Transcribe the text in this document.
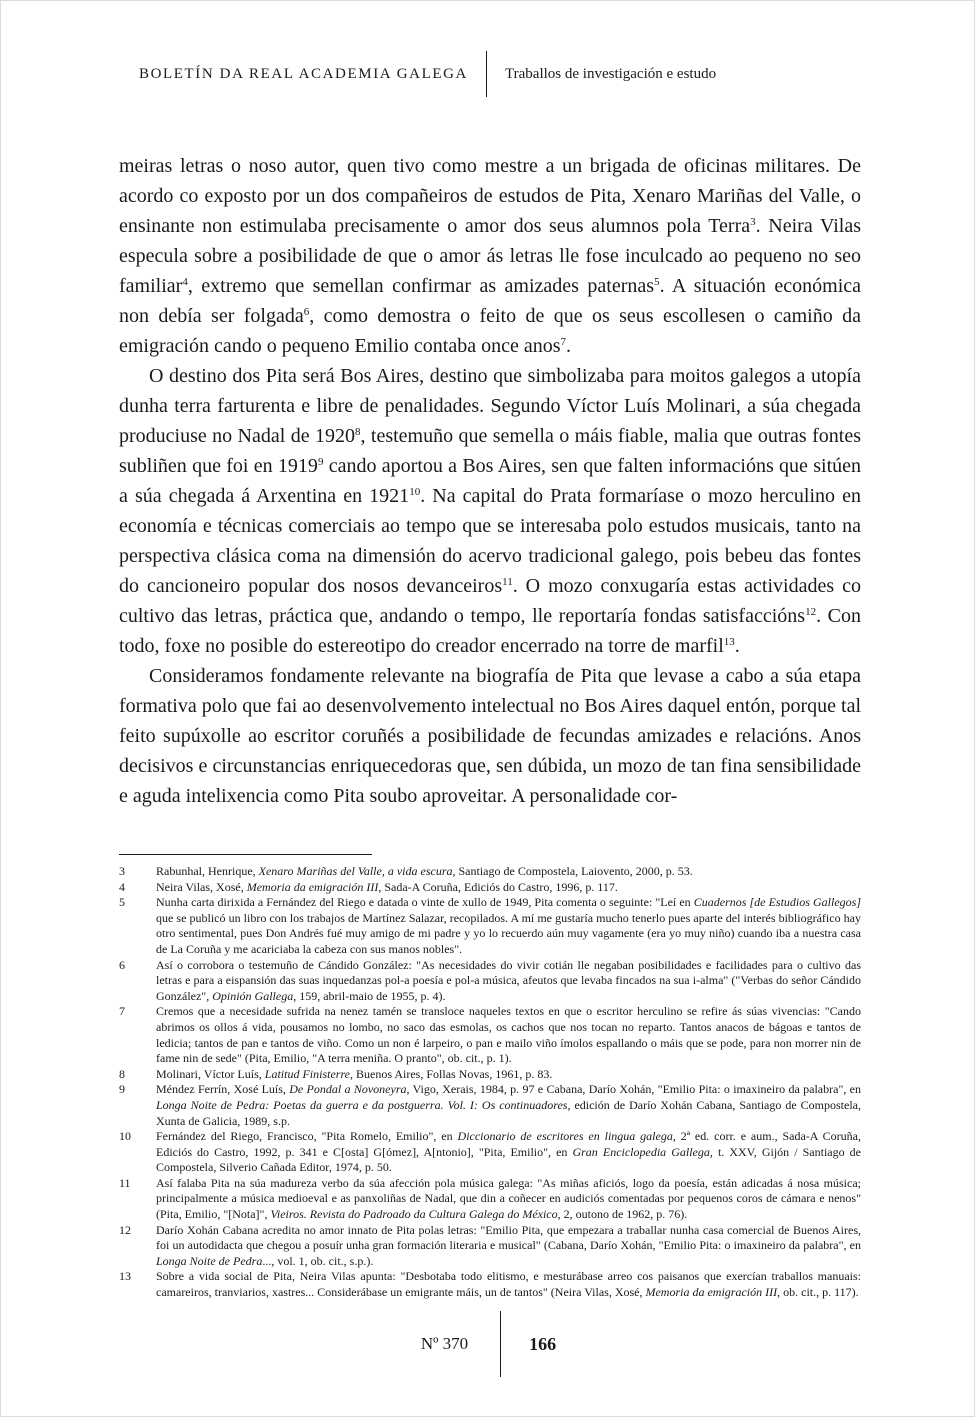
BOLETÍN DA REAL ACADEMIA GALEGA	Traballos de investigación e estudo

meiras letras o noso autor, quen tivo como mestre a un brigada de oficinas militares. De acordo co exposto por un dos compañeiros de estudos de Pita, Xenaro Mariñas del Valle, o ensinante non estimulaba precisamente o amor dos seus alumnos pola Terra$^3$. Neira Vilas especula sobre a posibilidade de que o amor ás letras lle fose inculcado ao pequeno no seo familiar$^4$, extremo que semellan confirmar as amizades paternas$^5$. A situación económica non debía ser folgada$^6$, como demostra o feito de que os seus escollesen o camiño da emigración cando o pequeno Emilio contaba once anos$^7$.

O destino dos Pita será Bos Aires, destino que simbolizaba para moitos galegos a utopía dunha terra farturenta e libre de penalidades. Segundo Víctor Luís Molinari, a súa chegada produciuse no Nadal de 1920$^8$, testemuño que semella o máis fiable, malia que outras fontes subliñen que foi en 1919$^9$ cando aportou a Bos Aires, sen que falten informacións que sitúen a súa chegada á Arxentina en 1921$^{10}$. Na capital do Prata formaríase o mozo herculino en economía e técnicas comerciais ao tempo que se interesaba polo estudos musicais, tanto na perspectiva clásica coma na dimensión do acervo tradicional galego, pois bebeu das fontes do cancioneiro popular dos nosos devanceiros$^{11}$. O mozo conxugaría estas actividades co cultivo das letras, práctica que, andando o tempo, lle reportaría fondas satisfaccións$^{12}$. Con todo, foxe no posible do estereotipo do creador encerrado na torre de marfil$^{13}$.

Consideramos fondamente relevante na biografía de Pita que levase a cabo a súa etapa formativa polo que fai ao desenvolvemento intelectual no Bos Aires daquel entón, porque tal feito supúxolle ao escritor coruñés a posibilidade de fecundas amizades e relacións. Anos decisivos e circunstancias enriquecedoras que, sen dúbida, un mozo de tan fina sensibilidade e aguda intelixencia como Pita soubo aproveitar. A personalidade cor-

3	Rabunhal, Henrique, Xenaro Mariñas del Valle, a vida escura, Santiago de Compostela, Laiovento, 2000, p. 53.
4	Neira Vilas, Xosé, Memoria da emigración III, Sada-A Coruña, Ediciós do Castro, 1996, p. 117.
5	Nunha carta dirixida a Fernández del Riego e datada o vinte de xullo de 1949, Pita comenta o seguinte: "Leí en Cuadernos [de Estudios Gallegos] que se publicó un libro con los trabajos de Martínez Salazar, recopilados. A mí me gustaría mucho tenerlo pues aparte del interés bibliográfico hay otro sentimental, pues Don Andrés fué muy amigo de mi padre y yo lo recuerdo aún muy vagamente (era yo muy niño) cuando iba a nuestra casa de La Coruña y me acariciaba la cabeza con sus manos nobles".
6	Así o corrobora o testemuño de Cándido González: "As necesidades do vivir cotián lle negaban posibilidades e facilidades para o cultivo das letras e para a eispansión das suas inquedanzas pol-a poesía e pol-a música, afeutos que levaba fincados na sua i-alma" ("Verbas do señor Cándido González", Opinión Gallega, 159, abril-maio de 1955, p. 4).
7	Cremos que a necesidade sufrida na nenez tamén se transloce naqueles textos en que o escritor herculino se refire ás súas vivencias: "Cando abrimos os ollos á vida, pousamos no lombo, no saco das esmolas, os cachos que nos tocan no reparto. Tantos anacos de bágoas e tantos de ledicia; tantos de pan e tantos de viño. Como un non é larpeiro, o pan e mailo viño ímolos espallando o máis que se pode, para non morrer nin de fame nin de sede" (Pita, Emilio, "A terra meniña. O pranto", ob. cit., p. 1).
8	Molinari, Víctor Luís, Latitud Finisterre, Buenos Aires, Follas Novas, 1961, p. 83.
9	Méndez Ferrín, Xosé Luís, De Pondal a Novoneyra, Vigo, Xerais, 1984, p. 97 e Cabana, Darío Xohán, "Emilio Pita: o imaxineiro da palabra", en Longa Noite de Pedra: Poetas da guerra e da postguerra. Vol. I: Os continuadores, edición de Darío Xohán Cabana, Santiago de Compostela, Xunta de Galicia, 1989, s.p.
10	Fernández del Riego, Francisco, "Pita Romelo, Emilio", en Diccionario de escritores en lingua galega, 2ª ed. corr. e aum., Sada-A Coruña, Ediciós do Castro, 1992, p. 341 e C[osta] G[ómez], A[ntonio], "Pita, Emilio", en Gran Enciclopedia Gallega, t. XXV, Gijón / Santiago de Compostela, Silverio Cañada Editor, 1974, p. 50.
11	Así falaba Pita na súa madureza verbo da súa afección pola música galega: "As miñas aficiós, logo da poesía, están adicadas á nosa música; principalmente a música medioeval e as panxoliñas de Nadal, que din a coñecer en audiciós comentadas por pequenos coros de cámara e nenos" (Pita, Emilio, "[Nota]", Vieiros. Revista do Padroado da Cultura Galega do México, 2, outono de 1962, p. 76).
12	Darío Xohán Cabana acredita no amor innato de Pita polas letras: "Emilio Pita, que empezara a traballar nunha casa comercial de Buenos Aires, foi un autodidacta que chegou a posuír unha gran formación literaria e musical" (Cabana, Darío Xohán, "Emilio Pita: o imaxineiro da palabra", en Longa Noite de Pedra..., vol. 1, ob. cit., s.p.).
13	Sobre a vida social de Pita, Neira Vilas apunta: "Desbotaba todo elitismo, e mesturábase arreo cos paisanos que exercían traballos manuais: camareiros, tranviarios, xastres... Considerábase un emigrante máis, un de tantos" (Neira Vilas, Xosé, Memoria da emigración III, ob. cit., p. 117).
Nº 370	166
